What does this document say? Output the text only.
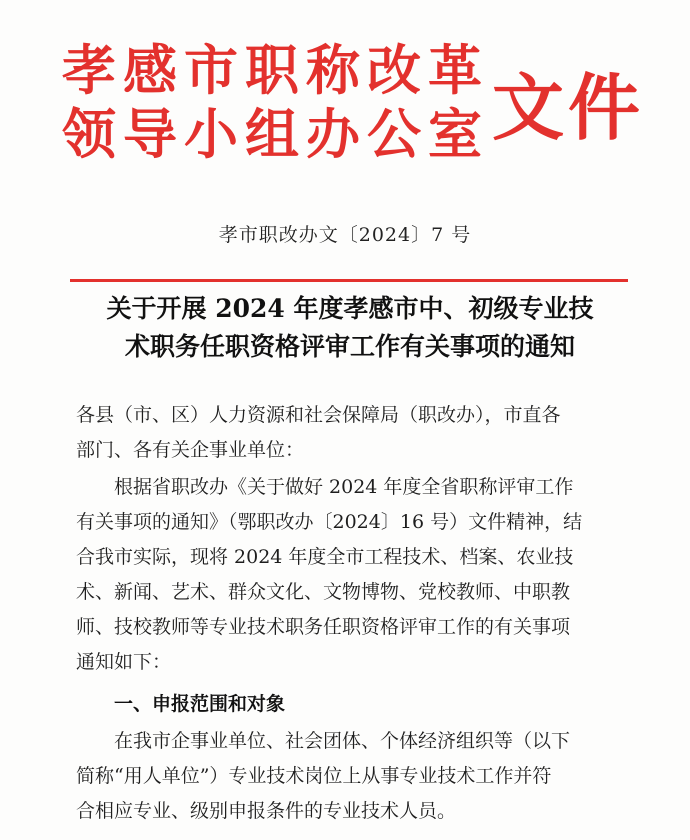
孝感市职称改革
领导小组办公室 文件
孝市职改办文〔2024〕7 号
关于开展 2024 年度孝感市中、初级专业技
术职务任职资格评审工作有关事项的通知
各县（市、区）人力资源和社会保障局（职改办），市直各
部门、各有关企事业单位：
　　根据省职改办《关于做好 2024 年度全省职称评审工作
有关事项的通知》（鄂职改办〔2024〕16 号）文件精神，结
合我市实际，现将 2024 年度全市工程技术、档案、农业技
术、新闻、艺术、群众文化、文物博物、党校教师、中职教
师、技校教师等专业技术职务任职资格评审工作的有关事项
通知如下：
一、申报范围和对象
　　在我市企事业单位、社会团体、个体经济组织等（以下
简称“用人单位”）专业技术岗位上从事专业技术工作并符
合相应专业、级别申报条件的专业技术人员。
